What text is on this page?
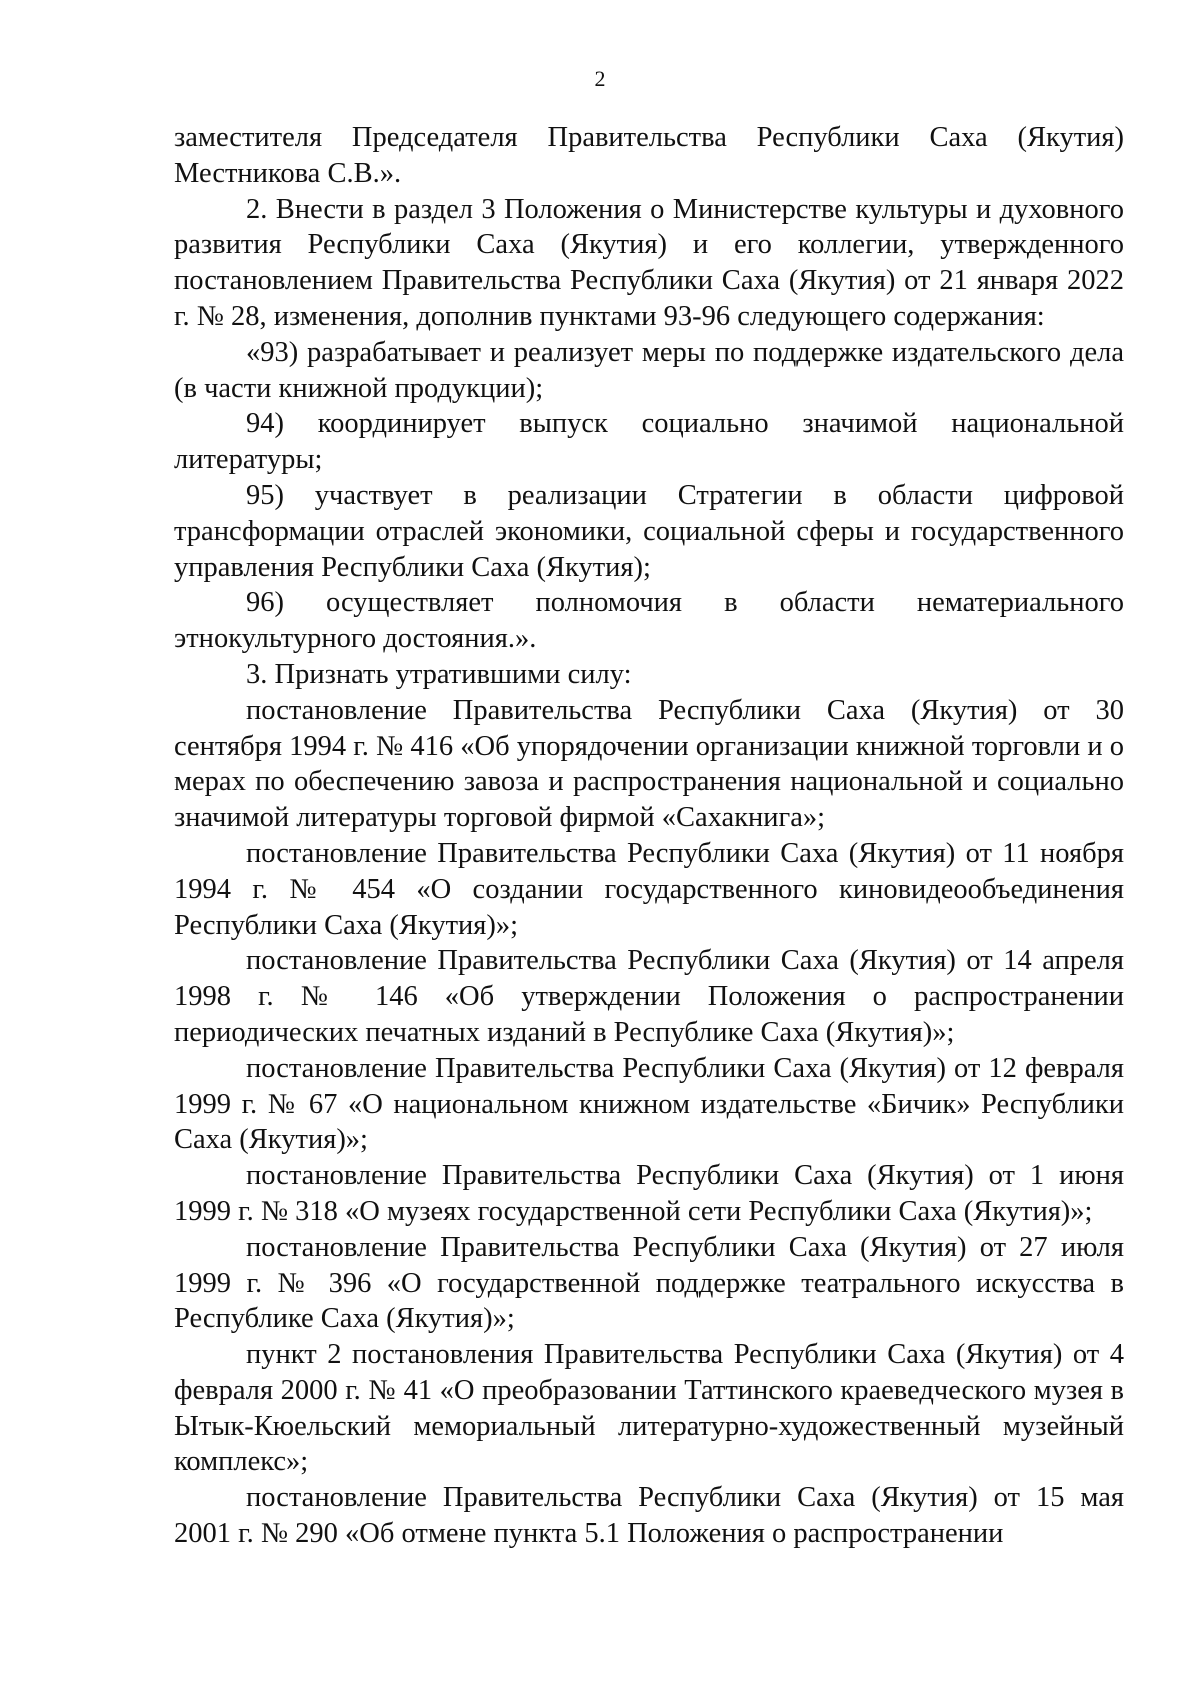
2

заместителя Председателя Правительства Республики Саха (Якутия) Местникова С.В.».

2. Внести в раздел 3 Положения о Министерстве культуры и духовного развития Республики Саха (Якутия) и его коллегии, утвержденного постановлением Правительства Республики Саха (Якутия) от 21 января 2022 г. № 28, изменения, дополнив пунктами 93-96 следующего содержания:

«93) разрабатывает и реализует меры по поддержке издательского дела (в части книжной продукции);

94) координирует выпуск социально значимой национальной литературы;

95) участвует в реализации Стратегии в области цифровой трансформации отраслей экономики, социальной сферы и государственного управления Республики Саха (Якутия);

96) осуществляет полномочия в области нематериального этнокультурного достояния.».

3. Признать утратившими силу:

постановление Правительства Республики Саха (Якутия) от 30 сентября 1994 г. № 416 «Об упорядочении организации книжной торговли и о мерах по обеспечению завоза и распространения национальной и социально значимой литературы торговой фирмой «Сахакнига»;

постановление Правительства Республики Саха (Якутия) от 11 ноября 1994 г. № 454 «О создании государственного киновидеообъединения Республики Саха (Якутия)»;

постановление Правительства Республики Саха (Якутия) от 14 апреля 1998 г. № 146 «Об утверждении Положения о распространении периодических печатных изданий в Республике Саха (Якутия)»;

постановление Правительства Республики Саха (Якутия) от 12 февраля 1999 г. № 67 «О национальном книжном издательстве «Бичик» Республики Саха (Якутия)»;

постановление Правительства Республики Саха (Якутия) от 1 июня 1999 г. № 318 «О музеях государственной сети Республики Саха (Якутия)»;

постановление Правительства Республики Саха (Якутия) от 27 июля 1999 г. № 396 «О государственной поддержке театрального искусства в Республике Саха (Якутия)»;

пункт 2 постановления Правительства Республики Саха (Якутия) от 4 февраля 2000 г. № 41 «О преобразовании Таттинского краеведческого музея в Ытык-Кюельский мемориальный литературно-художественный музейный комплекс»;

постановление Правительства Республики Саха (Якутия) от 15 мая 2001 г. № 290 «Об отмене пункта 5.1 Положения о распространении
